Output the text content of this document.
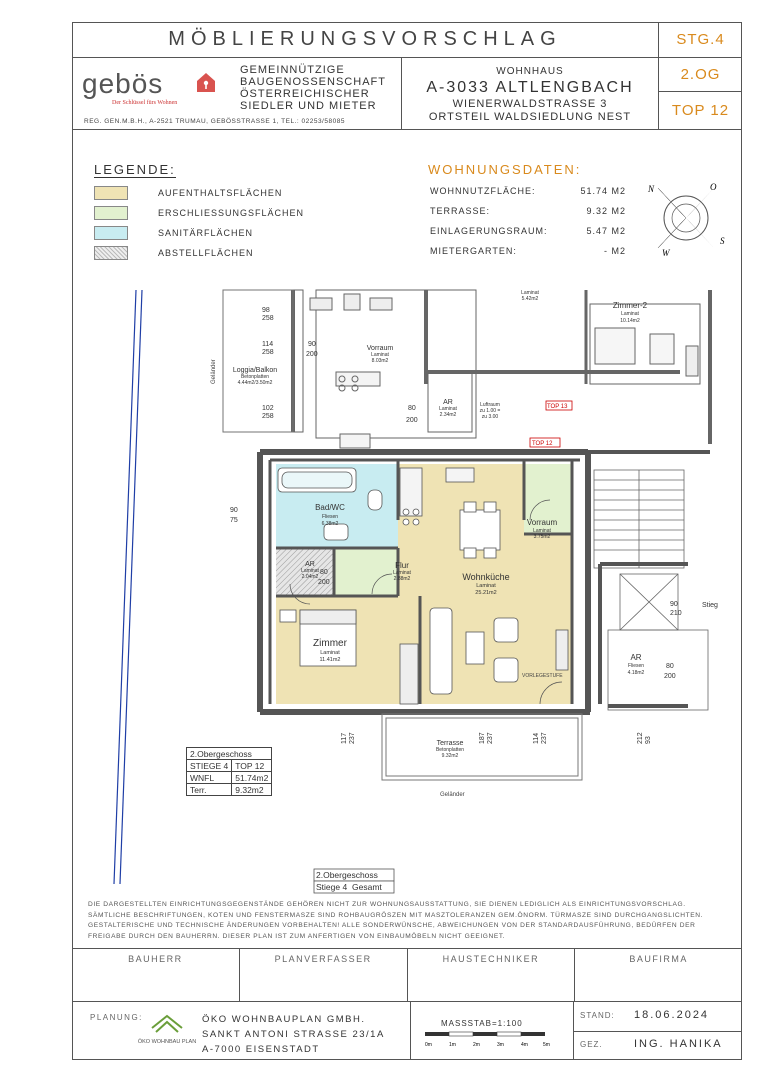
MÖBLIERUNGSVORSCHLAG	STG.4
2.OG
TOP 12
gebös
Der Schlüssel fürs Wohnen
GEMEINNÜTZIGE
BAUGENOSSENSCHAFT
ÖSTERREICHISCHER
SIEDLER UND MIETER
REG. GEN.M.B.H., A-2521 TRUMAU, GEBÖSSTRASSE 1, TEL.: 02253/58085
WOHNHAUS
A-3033 ALTLENGBACH
WIENERWALDSTRASSE 3
ORTSTEIL WALDSIEDLUNG NEST
LEGENDE:
AUFENTHALTSFLÄCHEN
ERSCHLIESSUNGSFLÄCHEN
SANITÄRFLÄCHEN
ABSTELLFLÄCHEN
WOHNUNGSDATEN:
WOHNNUTZFLÄCHE:	51.74 M2
TERRASSE:	9.32 M2
EINLAGERUNGSRAUM:	5.47 M2
MIETERGARTEN:	- M2
N	O
S
W
TOP 13
2.Obergeschoss
Stiege 4 Gesamt
Bad/WC
Fliesen
6.38m2
AR
Laminat
2.04m2
Flur
Laminat
2.88m2
Zimmer
Laminat
11.41m2
Wohnküche
Laminat
25.21m2
Vorraum
Laminat
3.75m2
Terrasse
Betonplatten
9.32m2
AR
Fliesen
4.18m2
Loggia/Balkon
Betonplatten
4.44m2/3.50m2
Vorraum
Laminat
8.03m2
Zimmer-2
Laminat
10.14m2
AR
Laminat
2.34m2
Laminat
5.42m2
Luftraum
zu 1.00 =
zu 3.00
TOP 12
Geländer
Geländer
VORLEGESTUFE
Stieg
98
258
114
258
102
258
90
200
80
200
90
75
80
200
90
210
80
200
117 237	187 237	114 237	212 93
2.Obergeschoss	
STIEGE 4	TOP 12
WNFL	51.74m2
Terr.	9.32m2
DIE DARGESTELLTEN EINRICHTUNGSGEGENSTÄNDE GEHÖREN NICHT ZUR WOHNUNGSAUSSTATTUNG, SIE DIENEN LEDIGLICH ALS EINRICHTUNGSVORSCHLAG. SÄMTLICHE BESCHRIFTUNGEN, KOTEN UND FENSTERMASZE SIND ROHBAUGRÖSZEN MIT MASZTOLERANZEN GEM.ÖNORM. TÜRMASZE SIND DURCHGANGSLICHTEN. GESTALTERISCHE UND TECHNISCHE ÄNDERUNGEN VORBEHALTEN! ALLE SONDERWÜNSCHE, ABWEICHUNGEN VON DER STANDARDAUSFÜHRUNG, BEDÜRFEN DER FREIGABE DURCH DEN BAUHERRN. DIESER PLAN IST ZUM ANFERTIGEN VON EINBAUMÖBELN NICHT GEEIGNET.
BAUHERR	PLANVERFASSER	HAUSTECHNIKER	BAUFIRMA
PLANUNG:
ÖKO WOHNBAU PLAN
ÖKO WOHNBAUPLAN GMBH.
SANKT ANTONI STRASSE 23/1A
A-7000 EISENSTADT
MASSSTAB=1:100
0m	1m	2m	3m	4m	5m
STAND: 18.06.2024
GEZ.	ING. HANIKA
